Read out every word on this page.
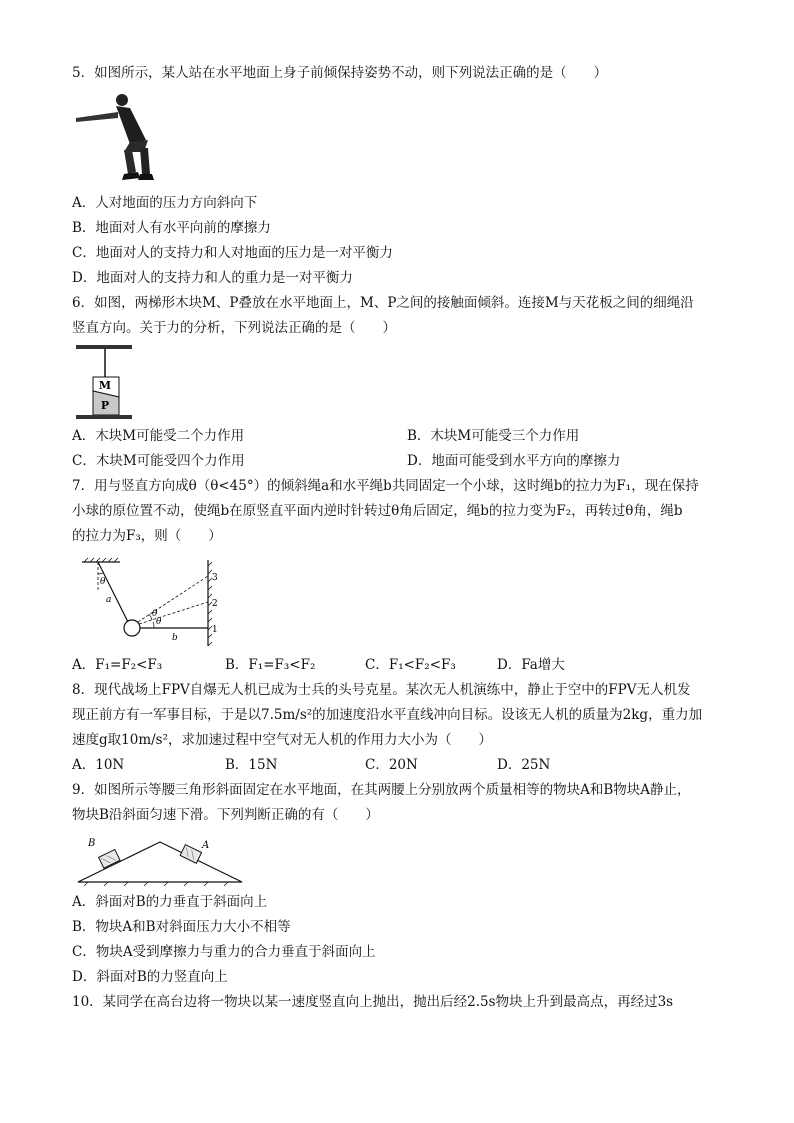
5．如图所示，某人站在水平地面上身子前倾保持姿势不动，则下列说法正确的是（　　）
A．人对地面的压力方向斜向下
B．地面对人有水平向前的摩擦力
C．地面对人的支持力和人对地面的压力是一对平衡力
D．地面对人的支持力和人的重力是一对平衡力
6．如图，两梯形木块M、P叠放在水平地面上，M、P之间的接触面倾斜。连接M与天花板之间的细绳沿
竖直方向。关于力的分析，下列说法正确的是（　　）
M
P
A．木块M可能受二个力作用	B．木块M可能受三个力作用
C．木块M可能受四个力作用	D．地面可能受到水平方向的摩擦力
7．用与竖直方向成θ（θ<45°）的倾斜绳a和水平绳b共同固定一个小球，这时绳b的拉力为F₁，现在保持
小球的原位置不动，使绳b在原竖直平面内逆时针转过θ角后固定，绳b的拉力变为F₂，再转过θ角，绳b
的拉力为F₃，则（　　）
θ
θ
θ
a
b
1
2
3
A．F₁=F₂<F₃	B．F₁=F₃<F₂	C．F₁<F₂<F₃	D．Fa增大
8．现代战场上FPV自爆无人机已成为士兵的头号克星。某次无人机演练中，静止于空中的FPV无人机发
现正前方有一军事目标，于是以7.5m/s²的加速度沿水平直线冲向目标。设该无人机的质量为2kg，重力加
速度g取10m/s²，求加速过程中空气对无人机的作用力大小为（　　）
A．10N	B．15N	C．20N	D．25N
9．如图所示等腰三角形斜面固定在水平地面，在其两腰上分别放两个质量相等的物块A和B物块A静止，
物块B沿斜面匀速下滑。下列判断正确的有（　　）
B	A
A．斜面对B的力垂直于斜面向上
B．物块A和B对斜面压力大小不相等
C．物块A受到摩擦力与重力的合力垂直于斜面向上
D．斜面对B的力竖直向上
10．某同学在高台边将一物块以某一速度竖直向上抛出，抛出后经2.5s物块上升到最高点，再经过3s
